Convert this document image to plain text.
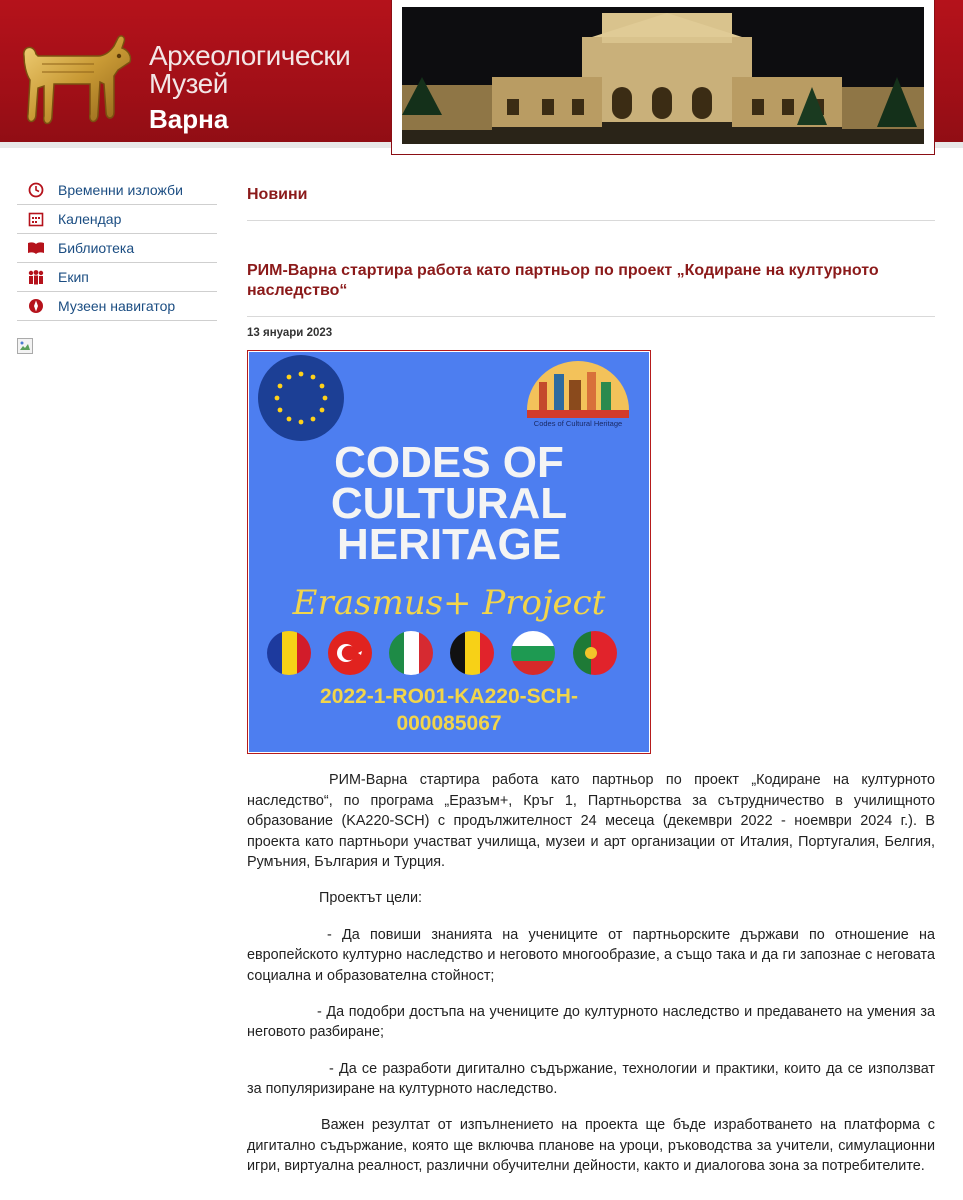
Археологически
Музей
Варна
Временни изложби
Календар
Библиотека
Екип
Музеен навигатор
Новини
РИМ-Варна стартира работа като партньор по проект „Кодиране на културното наследство“
13 януари 2023
Codes of Cultural Heritage
CODES OF
CULTURAL
HERITAGE
Erasmus+ Project
2022-1-RO01-KA220-SCH-
000085067

РИМ-Варна стартира работа като партньор по проект „Кодиране на културното наследство“, по програма „Еразъм+, Кръг 1, Партньорства за сътрудничество в училищното образование (KA220-SCH) с продължителност 24 месеца (декември 2022 - ноември 2024 г.). В проекта като партньори участват училища, музеи и арт организации от Италия, Португалия, Белгия, Румъния, България и Турция.

Проектът цели:

- Да повиши знанията на учениците от партньорските държави по отношение на европейското културно наследство и неговото многообразие, а също така и да ги запознае с неговата социална и образователна стойност;

- Да подобри достъпа на учениците до културното наследство и предаването на умения за неговото разбиране;

- Да се разработи дигитално съдържание, технологии и практики, които да се използват за популяризиране на културното наследство.

Важен резултат от изпълнението на проекта ще бъде изработването на платформа с дигитално съдържание, която ще включва планове на уроци, ръководства за учители, симулационни игри, виртуална реалност, различни обучителни дейности, както и диалогова зона за потребителите.
